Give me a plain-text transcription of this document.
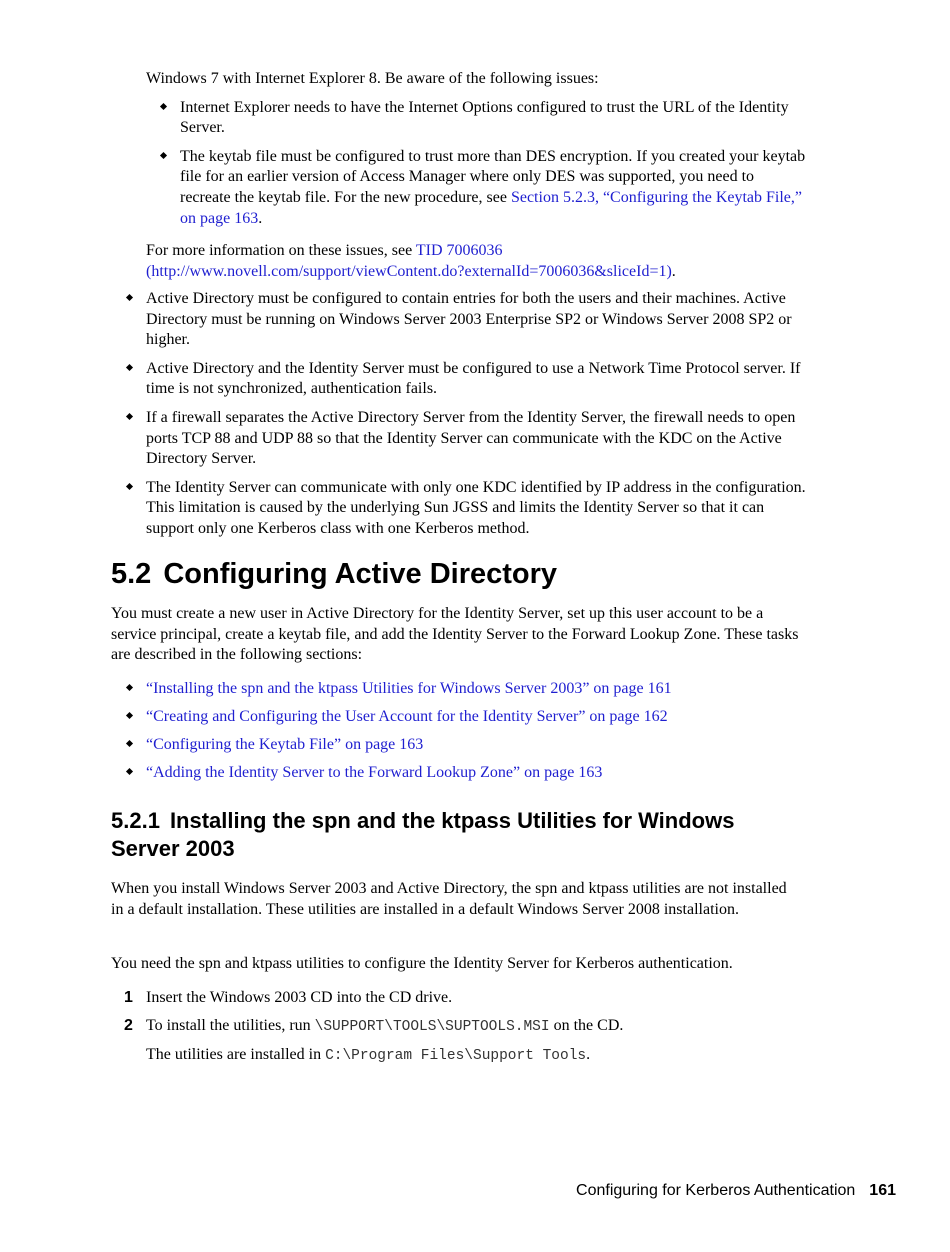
Windows 7 with Internet Explorer 8. Be aware of the following issues:

Internet Explorer needs to have the Internet Options configured to trust the URL of the Identity Server.
The keytab file must be configured to trust more than DES encryption. If you created your keytab file for an earlier version of Access Manager where only DES was supported, you need to recreate the keytab file. For the new procedure, see Section 5.2.3, “Configuring the Keytab File,” on page 163.

For more information on these issues, see TID 7006036 (http://www.novell.com/support/viewContent.do?externalId=7006036&sliceId=1).

Active Directory must be configured to contain entries for both the users and their machines. Active Directory must be running on Windows Server 2003 Enterprise SP2 or Windows Server 2008 SP2 or higher.
Active Directory and the Identity Server must be configured to use a Network Time Protocol server. If time is not synchronized, authentication fails.
If a firewall separates the Active Directory Server from the Identity Server, the firewall needs to open ports TCP 88 and UDP 88 so that the Identity Server can communicate with the KDC on the Active Directory Server.
The Identity Server can communicate with only one KDC identified by IP address in the configuration. This limitation is caused by the underlying Sun JGSS and limits the Identity Server so that it can support only one Kerberos class with one Kerberos method.
5.2 Configuring Active Directory

You must create a new user in Active Directory for the Identity Server, set up this user account to be a service principal, create a keytab file, and add the Identity Server to the Forward Lookup Zone. These tasks are described in the following sections:

“Installing the spn and the ktpass Utilities for Windows Server 2003” on page 161
“Creating and Configuring the User Account for the Identity Server” on page 162
“Configuring the Keytab File” on page 163
“Adding the Identity Server to the Forward Lookup Zone” on page 163
5.2.1 Installing the spn and the ktpass Utilities for Windows Server 2003

When you install Windows Server 2003 and Active Directory, the spn and ktpass utilities are not installed in a default installation. These utilities are installed in a default Windows Server 2008 installation.

You need the spn and ktpass utilities to configure the Identity Server for Kerberos authentication.

1 Insert the Windows 2003 CD into the CD drive.
2 To install the utilities, run \SUPPORT\TOOLS\SUPTOOLS.MSI on the CD.
The utilities are installed in C:\Program Files\Support Tools.
Configuring for Kerberos Authentication 161
